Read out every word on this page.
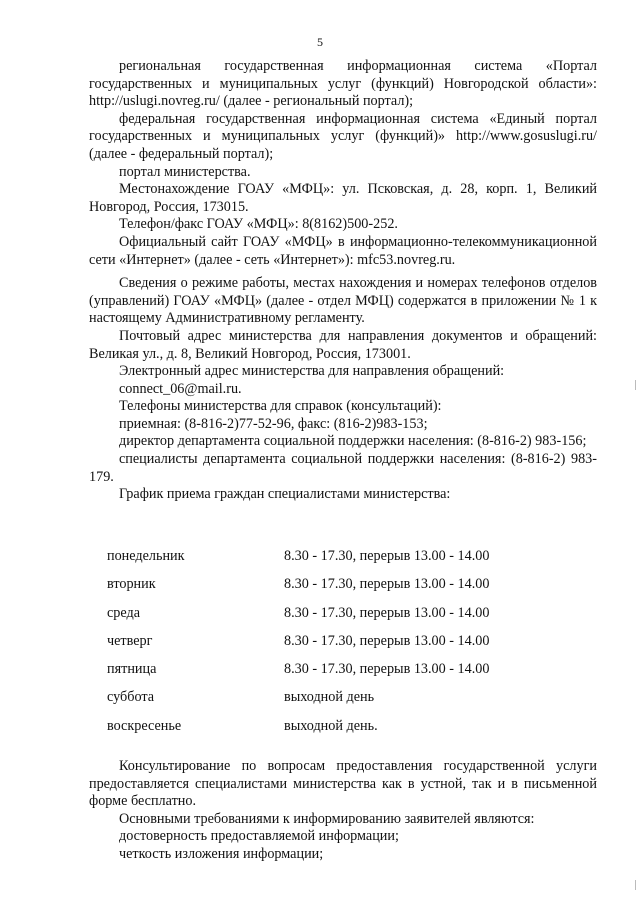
5

региональная государственная информационная система «Портал государственных и муниципальных услуг (функций) Новгородской области»: http://uslugi.novreg.ru/ (далее - региональный портал);

федеральная государственная информационная система «Единый портал государственных и муниципальных услуг (функций)» http://www.gosuslugi.ru/ (далее - федеральный портал);

портал министерства.

Местонахождение ГОАУ «МФЦ»: ул. Псковская, д. 28, корп. 1, Великий Новгород, Россия, 173015.

Телефон/факс ГОАУ «МФЦ»: 8(8162)500-252.

Официальный сайт ГОАУ «МФЦ» в информационно-телекоммуникационной сети «Интернет» (далее - сеть «Интернет»): mfc53.novreg.ru.

Сведения о режиме работы, местах нахождения и номерах телефонов отделов (управлений) ГОАУ «МФЦ» (далее - отдел МФЦ) содержатся в приложении № 1 к настоящему Административному регламенту.

Почтовый адрес министерства для направления документов и обращений: Великая ул., д. 8, Великий Новгород, Россия, 173001.

Электронный адрес министерства для направления обращений:

connect_06@mail.ru.

Телефоны министерства для справок (консультаций):

приемная: (8-816-2)77-52-96, факс: (816-2)983-153;

директор департамента социальной поддержки населения: (8-816-2) 983-156;

специалисты департамента социальной поддержки населения: (8-816-2) 983-179.

График приема граждан специалистами министерства:

понедельник	8.30 - 17.30, перерыв 13.00 - 14.00
вторник	8.30 - 17.30, перерыв 13.00 - 14.00
среда	8.30 - 17.30, перерыв 13.00 - 14.00
четверг	8.30 - 17.30, перерыв 13.00 - 14.00
пятница	8.30 - 17.30, перерыв 13.00 - 14.00
суббота	выходной день
воскресенье	выходной день.

Консультирование по вопросам предоставления государственной услуги предоставляется специалистами министерства как в устной, так и в письменной форме бесплатно.

Основными требованиями к информированию заявителей являются:

достоверность предоставляемой информации;

четкость изложения информации;
